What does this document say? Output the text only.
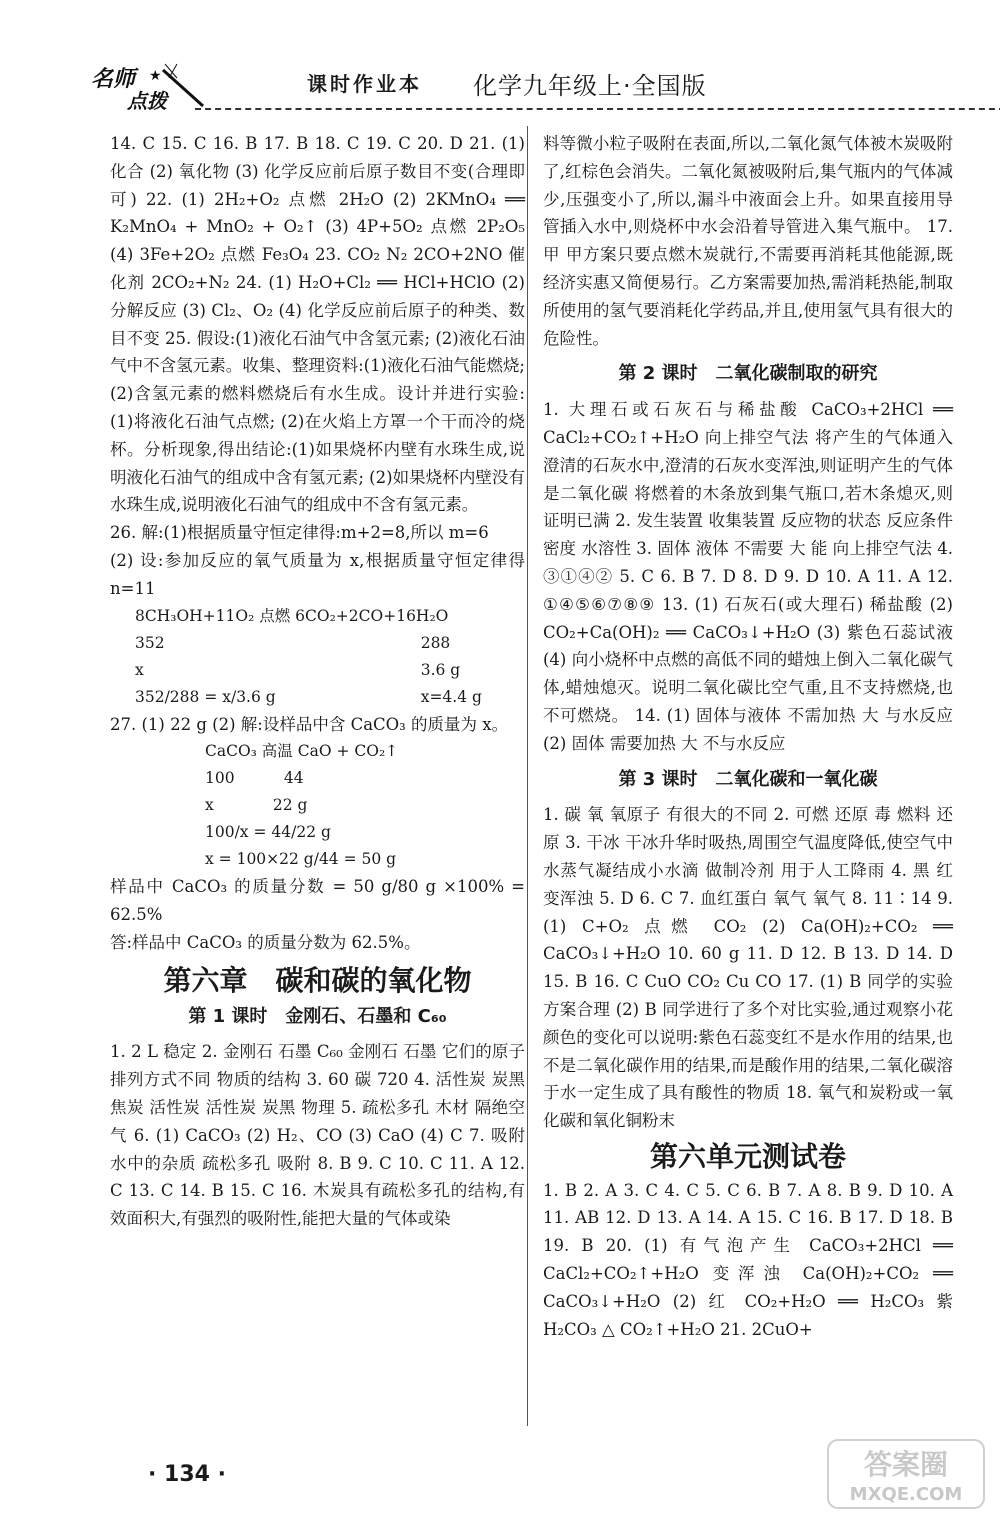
名师
点拨
★	课时作业本 化学九年级上·全国版

14. C 15. C 16. B 17. B 18. C 19. C 20. D 21. (1) 化合 (2) 氧化物 (3) 化学反应前后原子数目不变(合理即可) 22. (1) 2H₂+O₂ 点燃 2H₂O (2) 2KMnO₄ ══ K₂MnO₄ + MnO₂ + O₂↑ (3) 4P+5O₂ 点燃 2P₂O₅ (4) 3Fe+2O₂ 点燃 Fe₃O₄ 23. CO₂ N₂ 2CO+2NO 催化剂 2CO₂+N₂ 24. (1) H₂O+Cl₂ ══ HCl+HClO (2) 分解反应 (3) Cl₂、O₂ (4) 化学反应前后原子的种类、数目不变 25. 假设:(1)液化石油气中含氢元素; (2)液化石油气中不含氢元素。收集、整理资料:(1)液化石油气能燃烧; (2)含氢元素的燃料燃烧后有水生成。设计并进行实验:(1)将液化石油气点燃; (2)在火焰上方罩一个干而冷的烧杯。分析现象,得出结论:(1)如果烧杯内壁有水珠生成,说明液化石油气的组成中含有氢元素; (2)如果烧杯内壁没有水珠生成,说明液化石油气的组成中不含有氢元素。

26. 解:(1)根据质量守恒定律得:m+2=8,所以 m=6

(2) 设:参加反应的氧气质量为 x,根据质量守恒定律得 n=11

8CH₃OH+11O₂ 点燃 6CO₂+2CO+16H₂O

352
x
352/288 = x/3.6 g

288
3.6 g
x=4.4 g

27. (1) 22 g (2) 解:设样品中含 CaCO₃ 的质量为 x。

CaCO₃ 高温 CaO + CO₂↑

100          44
x            22 g
100/x = 44/22 g
x = 100×22 g/44 = 50 g

样品中 CaCO₃ 的质量分数 = 50 g/80 g ×100% = 62.5%

答:样品中 CaCO₃ 的质量分数为 62.5%。

第六章　碳和碳的氧化物
第 1 课时　金刚石、石墨和 C₆₀

1. 2 L 稳定 2. 金刚石 石墨 C₆₀ 金刚石 石墨 它们的原子排列方式不同 物质的结构 3. 60 碳 720 4. 活性炭 炭黑 焦炭 活性炭 活性炭 炭黑 物理 5. 疏松多孔 木材 隔绝空气 6. (1) CaCO₃ (2) H₂、CO (3) CaO (4) C 7. 吸附水中的杂质 疏松多孔 吸附 8. B 9. C 10. C 11. A 12. C 13. C 14. B 15. C 16. 木炭具有疏松多孔的结构,有效面积大,有强烈的吸附性,能把大量的气体或染

料等微小粒子吸附在表面,所以,二氧化氮气体被木炭吸附了,红棕色会消失。二氧化氮被吸附后,集气瓶内的气体减少,压强变小了,所以,漏斗中液面会上升。如果直接用导管插入水中,则烧杯中水会沿着导管进入集气瓶中。 17. 甲 甲方案只要点燃木炭就行,不需要再消耗其他能源,既经济实惠又简便易行。乙方案需要加热,需消耗热能,制取所使用的氢气要消耗化学药品,并且,使用氢气具有很大的危险性。

第 2 课时　二氧化碳制取的研究

1. 大理石或石灰石与稀盐酸 CaCO₃+2HCl ══ CaCl₂+CO₂↑+H₂O 向上排空气法 将产生的气体通入澄清的石灰水中,澄清的石灰水变浑浊,则证明产生的气体是二氧化碳 将燃着的木条放到集气瓶口,若木条熄灭,则证明已满 2. 发生装置 收集装置 反应物的状态 反应条件 密度 水溶性 3. 固体 液体 不需要 大 能 向上排空气法 4. ③①④② 5. C 6. B 7. D 8. D 9. D 10. A 11. A 12. ①④⑤⑥⑦⑧⑨ 13. (1) 石灰石(或大理石) 稀盐酸 (2) CO₂+Ca(OH)₂ ══ CaCO₃↓+H₂O (3) 紫色石蕊试液 (4) 向小烧杯中点燃的高低不同的蜡烛上倒入二氧化碳气体,蜡烛熄灭。说明二氧化碳比空气重,且不支持燃烧,也不可燃烧。 14. (1) 固体与液体 不需加热 大 与水反应 (2) 固体 需要加热 大 不与水反应

第 3 课时　二氧化碳和一氧化碳

1. 碳 氧 氧原子 有很大的不同 2. 可燃 还原 毒 燃料 还原 3. 干冰 干冰升华时吸热,周围空气温度降低,使空气中水蒸气凝结成小水滴 做制冷剂 用于人工降雨 4. 黑 红 变浑浊 5. D 6. C 7. 血红蛋白 氧气 氧气 8. 11∶14 9. (1) C+O₂ 点燃 CO₂ (2) Ca(OH)₂+CO₂ ══ CaCO₃↓+H₂O 10. 60 g 11. D 12. B 13. D 14. D 15. B 16. C CuO CO₂ Cu CO 17. (1) B 同学的实验方案合理 (2) B 同学进行了多个对比实验,通过观察小花颜色的变化可以说明:紫色石蕊变红不是水作用的结果,也不是二氧化碳作用的结果,而是酸作用的结果,二氧化碳溶于水一定生成了具有酸性的物质 18. 氧气和炭粉或一氧化碳和氧化铜粉末

第六单元测试卷

1. B 2. A 3. C 4. C 5. C 6. B 7. A 8. B 9. D 10. A 11. AB 12. D 13. A 14. A 15. C 16. B 17. D 18. B 19. B 20. (1) 有气泡产生 CaCO₃+2HCl ══ CaCl₂+CO₂↑+H₂O 变浑浊 Ca(OH)₂+CO₂ ══ CaCO₃↓+H₂O (2) 红 CO₂+H₂O ══ H₂CO₃ 紫 H₂CO₃ △ CO₂↑+H₂O 21. 2CuO+

· 134 ·	答案圈
MXQE.COM
